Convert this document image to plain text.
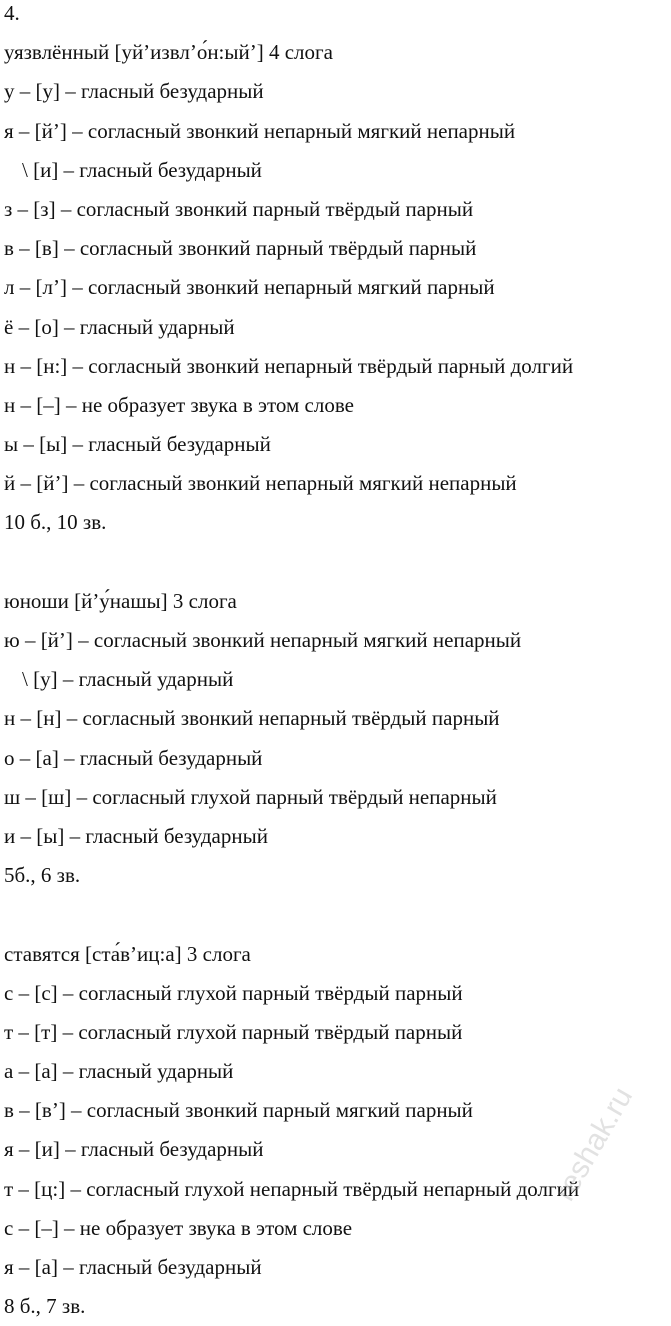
4.
уязвлённый [уй’извл’о́н:ый’] 4 слога
у – [у] – гласный безударный
я – [й’] – согласный звонкий непарный мягкий непарный
\ [и] – гласный безударный
з – [з] – согласный звонкий парный твёрдый парный
в – [в] – согласный звонкий парный твёрдый парный
л – [л’] – согласный звонкий непарный мягкий парный
ё – [о] – гласный ударный
н – [н:] – согласный звонкий непарный твёрдый парный долгий
н – [–] – не образует звука в этом слове
ы – [ы] – гласный безударный
й – [й’] – согласный звонкий непарный мягкий непарный
10 б., 10 зв.
юноши [й’у́нашы] 3 слога
ю – [й’] – согласный звонкий непарный мягкий непарный
\ [у] – гласный ударный
н – [н] – согласный звонкий непарный твёрдый парный
о – [а] – гласный безударный
ш – [ш] – согласный глухой парный твёрдый непарный
и – [ы] – гласный безударный
5б., 6 зв.
ставятся [ста́в’иц:а] 3 слога
с – [с] – согласный глухой парный твёрдый парный
т – [т] – согласный глухой парный твёрдый парный
а – [а] – гласный ударный
в – [в’] – согласный звонкий парный мягкий парный
я – [и] – гласный безударный
т – [ц:] – согласный глухой непарный твёрдый непарный долгий
с – [–] – не образует звука в этом слове
я – [а] – гласный безударный
8 б., 7 зв.
reshak.ru
